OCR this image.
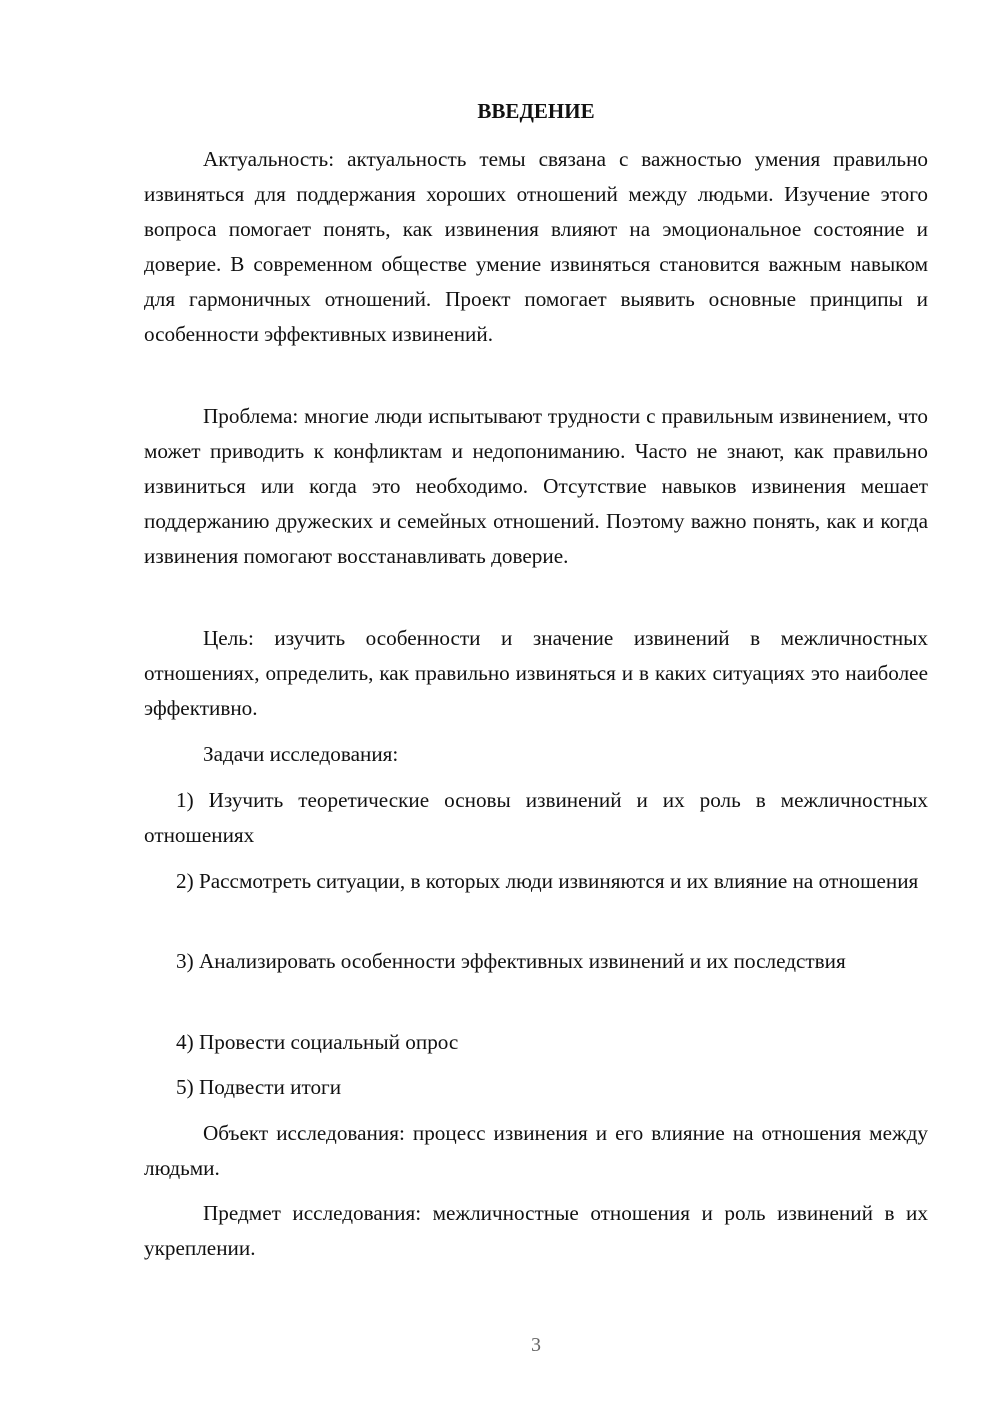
ВВЕДЕНИЕ

Актуальность: актуальность темы связана с важностью умения правильно извиняться для поддержания хороших отношений между людьми. Изучение этого вопроса помогает понять, как извинения влияют на эмоциональное состояние и доверие. В современном обществе умение извиняться становится важным навыком для гармоничных отношений. Проект помогает выявить основные принципы и особенности эффективных извинений.

Проблема: многие люди испытывают трудности с правильным извинением, что может приводить к конфликтам и недопониманию. Часто не знают, как правильно извиниться или когда это необходимо. Отсутствие навыков извинения мешает поддержанию дружеских и семейных отношений. Поэтому важно понять, как и когда извинения помогают восстанавливать доверие.

Цель: изучить особенности и значение извинений в межличностных отношениях, определить, как правильно извиняться и в каких ситуациях это наиболее эффективно.

Задачи исследования:

1) Изучить теоретические основы извинений и их роль в межличностных отношениях

2) Рассмотреть ситуации, в которых люди извиняются и их влияние на отношения

3) Анализировать особенности эффективных извинений и их последствия

4) Провести социальный опрос

5) Подвести итоги

Объект исследования: процесс извинения и его влияние на отношения между людьми.

Предмет исследования: межличностные отношения и роль извинений в их укреплении.

3
